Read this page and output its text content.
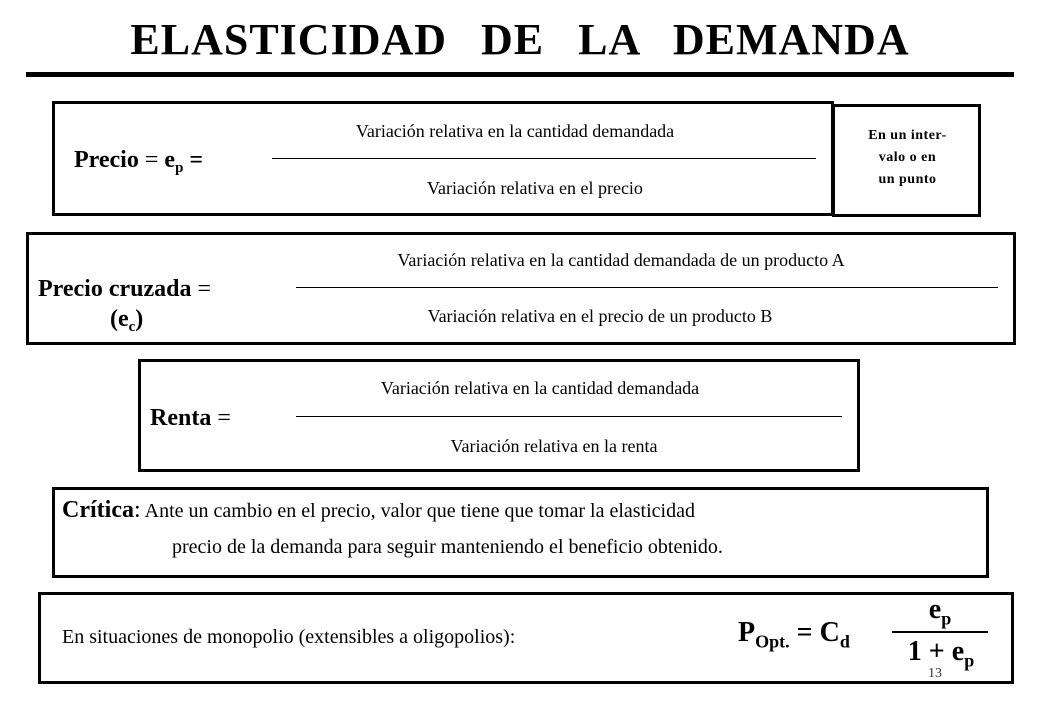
ELASTICIDAD DE LA DEMANDA
Precio = $e_p$ =
Variación relativa en la cantidad demandada
Variación relativa en el precio
En un inter-
valo o en
un punto
Precio cruzada =
$(e_c)$
Variación relativa en la cantidad demandada de un producto A
Variación relativa en el precio de un producto B
Renta =
Variación relativa en la cantidad demandada
Variación relativa en la renta
Crítica: Ante un cambio en el precio, valor que tiene que tomar la elasticidad
precio de la demanda para seguir manteniendo el beneficio obtenido.
En situaciones de monopolio (extensibles a oligopolios):	$P_{Opt.} = C_d$
$e_p$
$1 + e_p$
13
